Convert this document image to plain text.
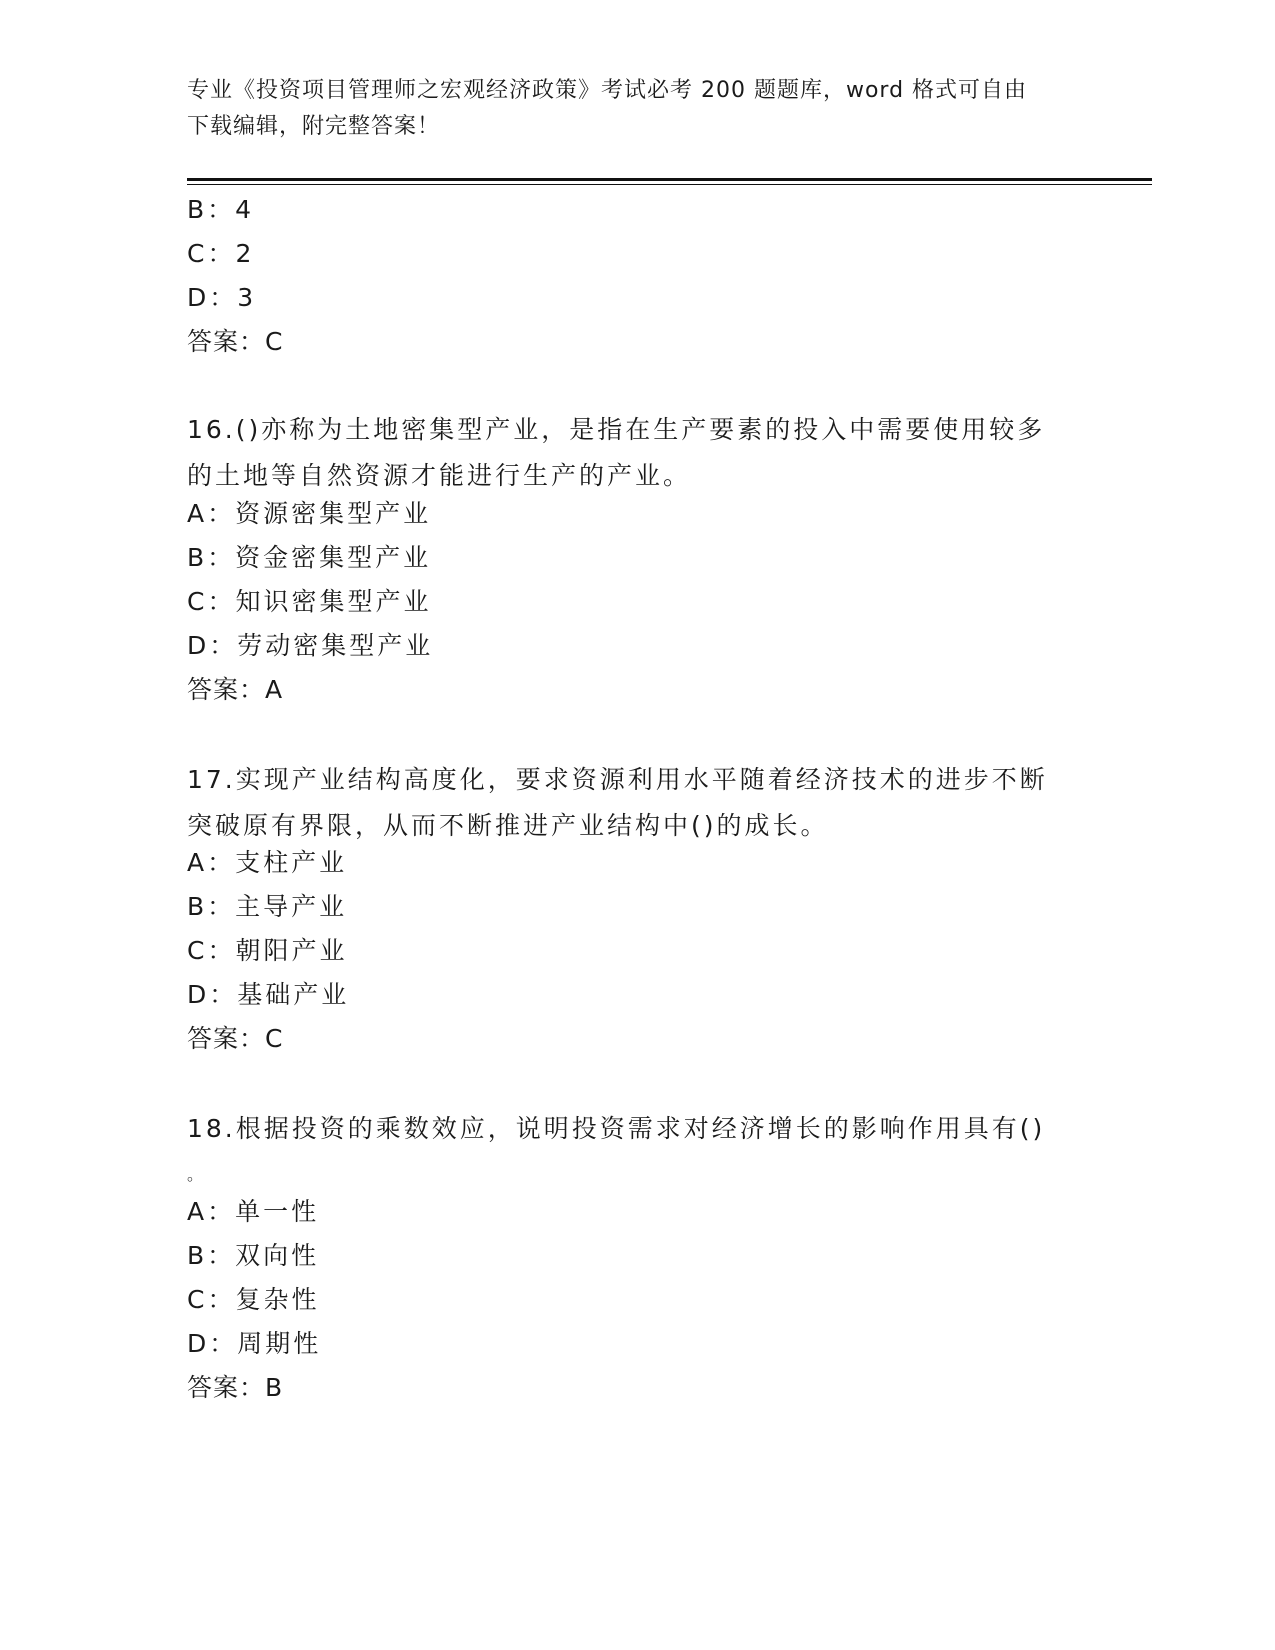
专业《投资项目管理师之宏观经济政策》考试必考 200 题题库，word 格式可自由
下载编辑，附完整答案！
B：4
C：2
D：3
答案：C
16.()亦称为土地密集型产业，是指在生产要素的投入中需要使用较多
的土地等自然资源才能进行生产的产业。
A：资源密集型产业
B：资金密集型产业
C：知识密集型产业
D：劳动密集型产业
答案：A
17.实现产业结构高度化，要求资源利用水平随着经济技术的进步不断
突破原有界限，从而不断推进产业结构中()的成长。
A：支柱产业
B：主导产业
C：朝阳产业
D：基础产业
答案：C
18.根据投资的乘数效应，说明投资需求对经济增长的影响作用具有()
。
A：单一性
B：双向性
C：复杂性
D：周期性
答案：B
